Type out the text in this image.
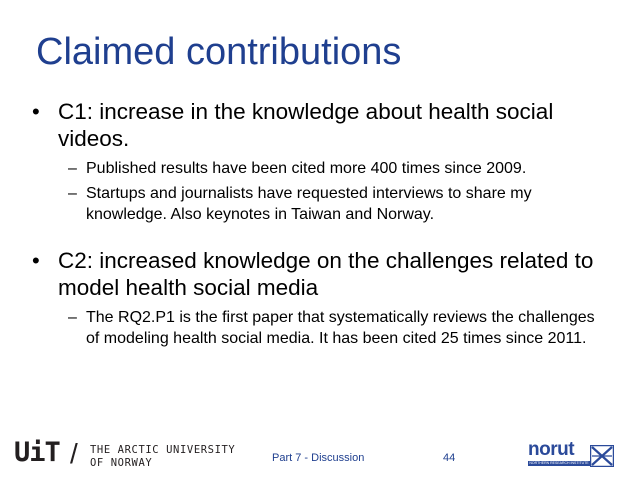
Claimed contributions
• C1: increase in the knowledge about health social videos.
– Published results have been cited more 400 times since 2009.
– Startups and journalists have requested interviews to share my knowledge. Also keynotes in Taiwan and Norway.
• C2: increased knowledge on the challenges related to model health social media
– The RQ2.P1 is the first paper that systematically reviews the challenges of modeling health social media. It has been cited 25 times since 2011.
UiT / THE ARCTIC UNIVERSITY
OF NORWAY	Part 7 - Discussion	44	norut
NORTHERN RESEARCH INSTITUTE
